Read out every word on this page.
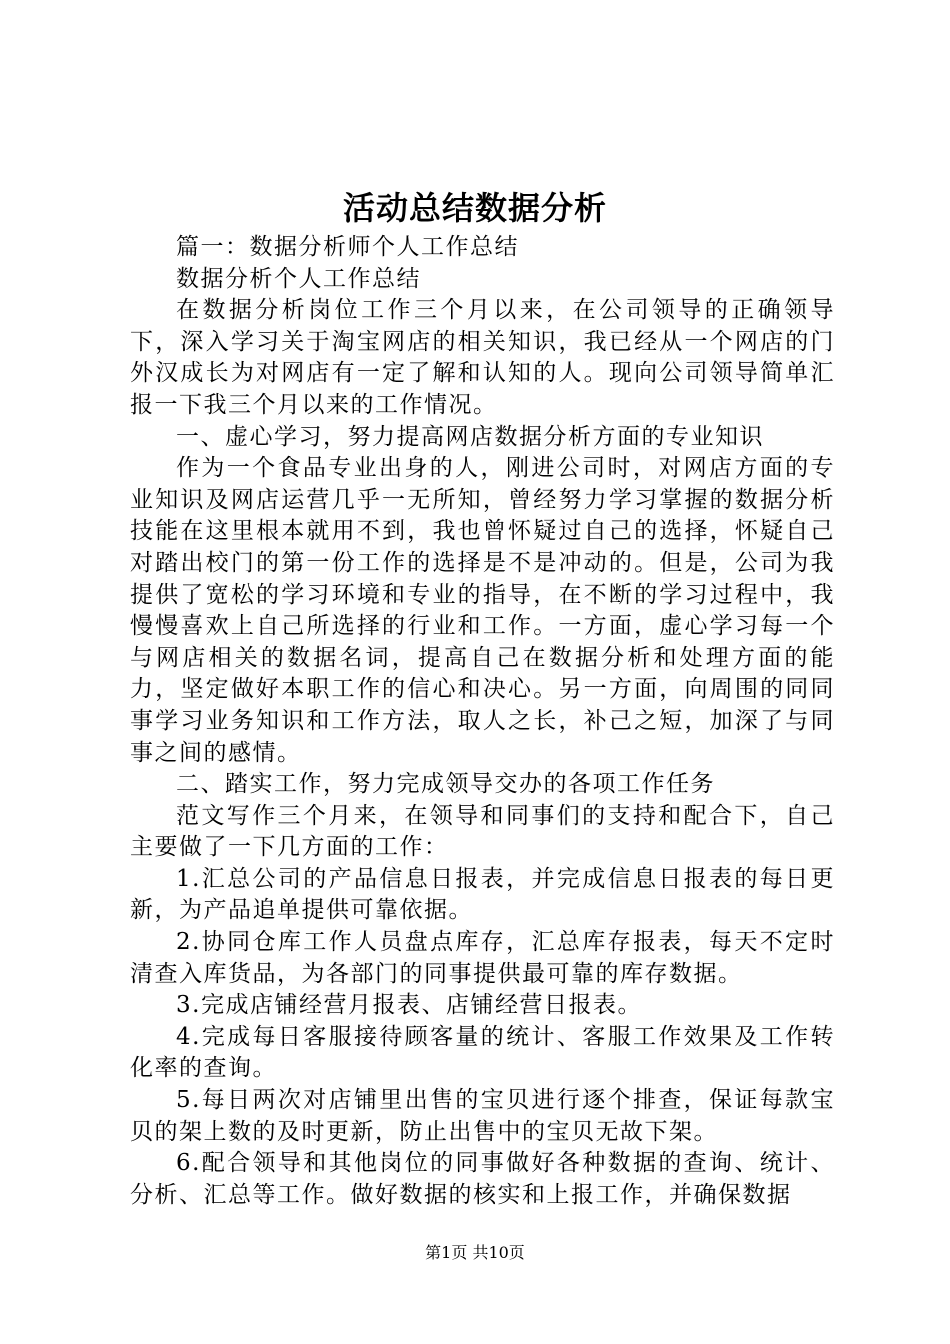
活动总结数据分析

篇一：数据分析师个人工作总结

数据分析个人工作总结

在数据分析岗位工作三个月以来，在公司领导的正确领导下，深入学习关于淘宝网店的相关知识，我已经从一个网店的门外汉成长为对网店有一定了解和认知的人。现向公司领导简单汇报一下我三个月以来的工作情况。

一、虚心学习，努力提高网店数据分析方面的专业知识

作为一个食品专业出身的人，刚进公司时，对网店方面的专业知识及网店运营几乎一无所知，曾经努力学习掌握的数据分析技能在这里根本就用不到，我也曾怀疑过自己的选择，怀疑自己对踏出校门的第一份工作的选择是不是冲动的。但是，公司为我提供了宽松的学习环境和专业的指导，在不断的学习过程中，我慢慢喜欢上自己所选择的行业和工作。一方面，虚心学习每一个与网店相关的数据名词，提高自己在数据分析和处理方面的能力，坚定做好本职工作的信心和决心。另一方面，向周围的同同事学习业务知识和工作方法，取人之长，补己之短，加深了与同事之间的感情。

二、踏实工作，努力完成领导交办的各项工作任务

范文写作三个月来，在领导和同事们的支持和配合下，自己主要做了一下几方面的工作：

1.汇总公司的产品信息日报表，并完成信息日报表的每日更新，为产品追单提供可靠依据。

2.协同仓库工作人员盘点库存，汇总库存报表，每天不定时清查入库货品，为各部门的同事提供最可靠的库存数据。

3.完成店铺经营月报表、店铺经营日报表。

4.完成每日客服接待顾客量的统计、客服工作效果及工作转化率的查询。

5.每日两次对店铺里出售的宝贝进行逐个排查，保证每款宝贝的架上数的及时更新，防止出售中的宝贝无故下架。

6.配合领导和其他岗位的同事做好各种数据的查询、统计、分析、汇总等工作。做好数据的核实和上报工作，并确保数据

第1页 共10页
